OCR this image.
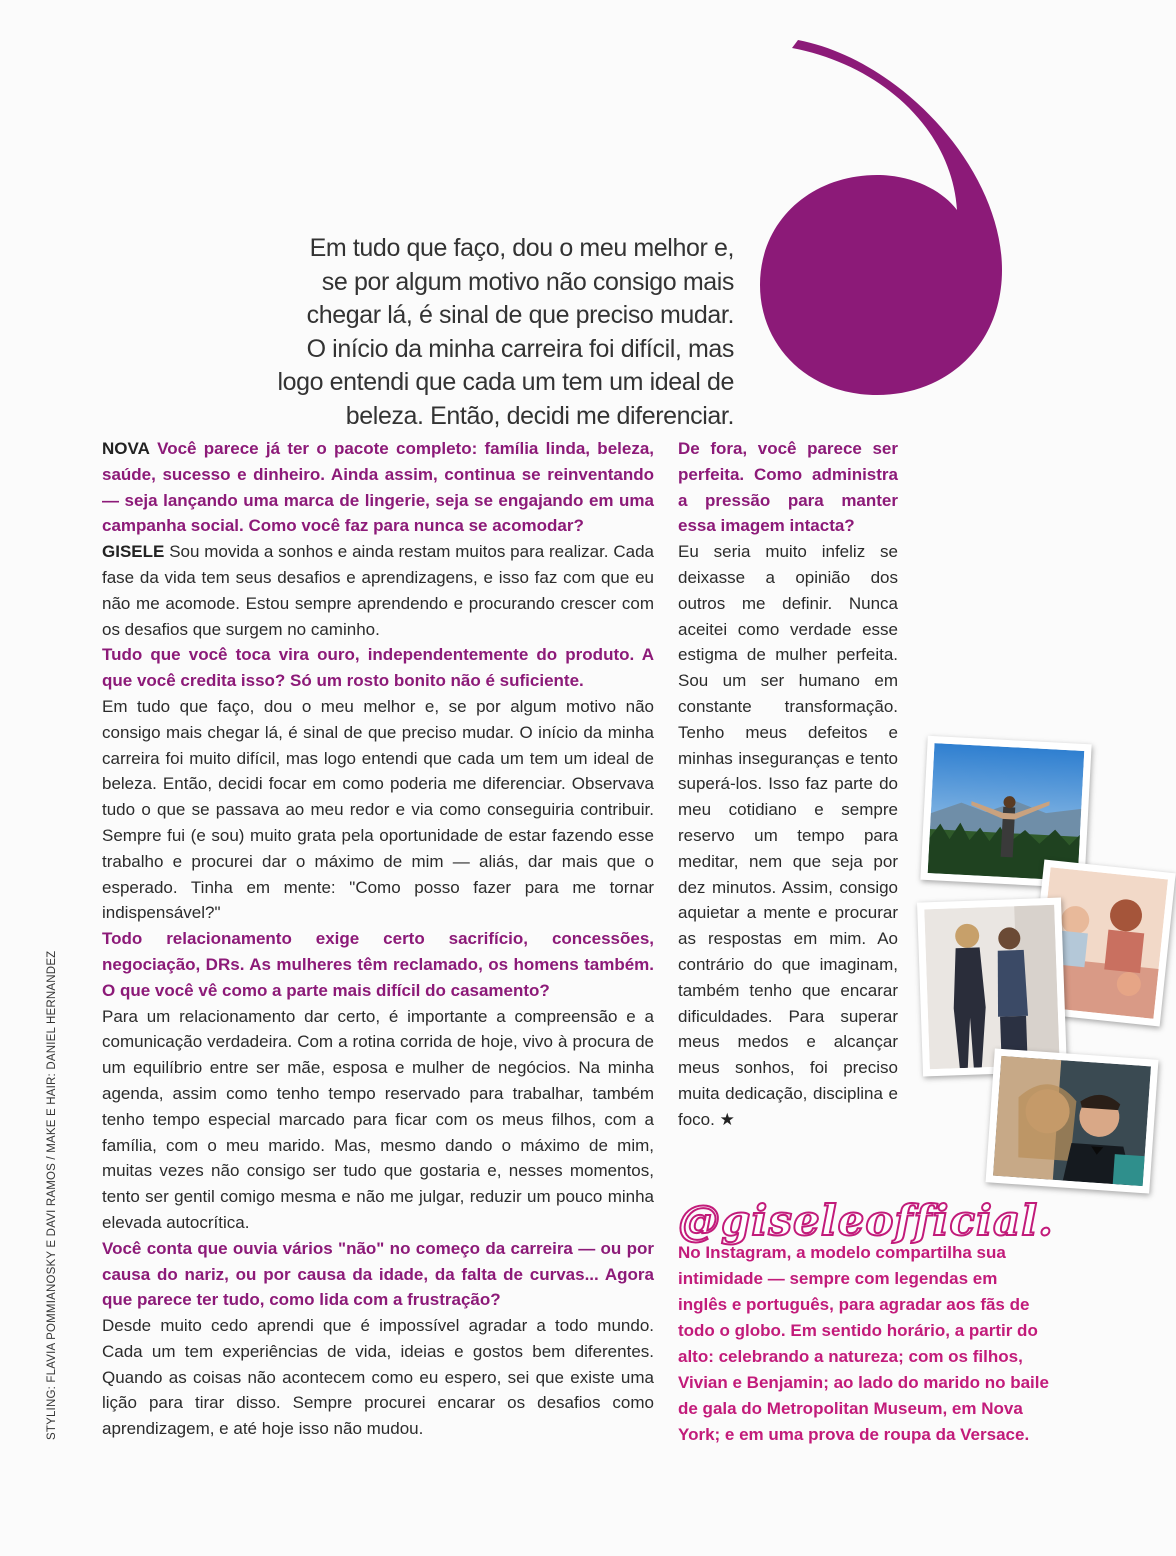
Em tudo que faço, dou o meu melhor e,
se por algum motivo não consigo mais
chegar lá, é sinal de que preciso mudar.
O início da minha carreira foi difícil, mas
logo entendi que cada um tem um ideal de
beleza. Então, decidi me diferenciar.

NOVA Você parece já ter o pacote completo: família linda, beleza, saúde, sucesso e dinheiro. Ainda assim, continua se reinventando — seja lançando uma marca de lingerie, seja se engajando em uma campanha social. Como você faz para nunca se acomodar?

GISELE Sou movida a sonhos e ainda restam muitos para realizar. Cada fase da vida tem seus desafios e aprendizagens, e isso faz com que eu não me acomode. Estou sempre aprendendo e procurando crescer com os desafios que surgem no caminho.

Tudo que você toca vira ouro, independentemente do produto. A que você credita isso? Só um rosto bonito não é suficiente.

Em tudo que faço, dou o meu melhor e, se por algum motivo não consigo mais chegar lá, é sinal de que preciso mudar. O início da minha carreira foi muito difícil, mas logo entendi que cada um tem um ideal de beleza. Então, decidi focar em como poderia me diferenciar. Observava tudo o que se passava ao meu redor e via como conseguiria contribuir. Sempre fui (e sou) muito grata pela oportunidade de estar fazendo esse trabalho e procurei dar o máximo de mim — aliás, dar mais que o esperado. Tinha em mente: "Como posso fazer para me tornar indispensável?"

Todo relacionamento exige certo sacrifício, concessões, negociação, DRs. As mulheres têm reclamado, os homens também. O que você vê como a parte mais difícil do casamento?

Para um relacionamento dar certo, é importante a compreensão e a comunicação verdadeira. Com a rotina corrida de hoje, vivo à procura de um equilíbrio entre ser mãe, esposa e mulher de negócios. Na minha agenda, assim como tenho tempo reservado para trabalhar, também tenho tempo especial marcado para ficar com os meus filhos, com a família, com o meu marido. Mas, mesmo dando o máximo de mim, muitas vezes não consigo ser tudo que gostaria e, nesses momentos, tento ser gentil comigo mesma e não me julgar, reduzir um pouco minha elevada autocrítica.

Você conta que ouvia vários "não" no começo da carreira — ou por causa do nariz, ou por causa da idade, da falta de curvas... Agora que parece ter tudo, como lida com a frustração?

Desde muito cedo aprendi que é impossível agradar a todo mundo. Cada um tem experiências de vida, ideias e gostos bem diferentes. Quando as coisas não acontecem como eu espero, sei que existe uma lição para tirar disso. Sempre procurei encarar os desafios como aprendizagem, e até hoje isso não mudou.

De fora, você parece ser perfeita. Como administra a pressão para manter essa imagem intacta?

Eu seria muito infeliz se deixasse a opinião dos outros me definir. Nunca aceitei como verdade esse estigma de mulher perfeita. Sou um ser humano em constante transformação. Tenho meus defeitos e minhas inseguranças e tento superá-los. Isso faz parte do meu cotidiano e sempre reservo um tempo para meditar, nem que seja por dez minutos. Assim, consigo aquietar a mente e procurar as respostas em mim. Ao contrário do que imaginam, também tenho que encarar dificuldades. Para superar meus medos e alcançar meus sonhos, foi preciso muita dedicação, disciplina e foco. ★

@giseleofficial.
No Instagram, a modelo compartilha sua intimidade — sempre com legendas em inglês e português, para agradar aos fãs de todo o globo. Em sentido horário, a partir do alto: celebrando a natureza; com os filhos, Vivian e Benjamin; ao lado do marido no baile de gala do Metropolitan Museum, em Nova York; e em uma prova de roupa da Versace.
STYLING: FLAVIA POMMIANOSKY E DAVI RAMOS / MAKE E HAIR: DANIEL HERNANDEZ
